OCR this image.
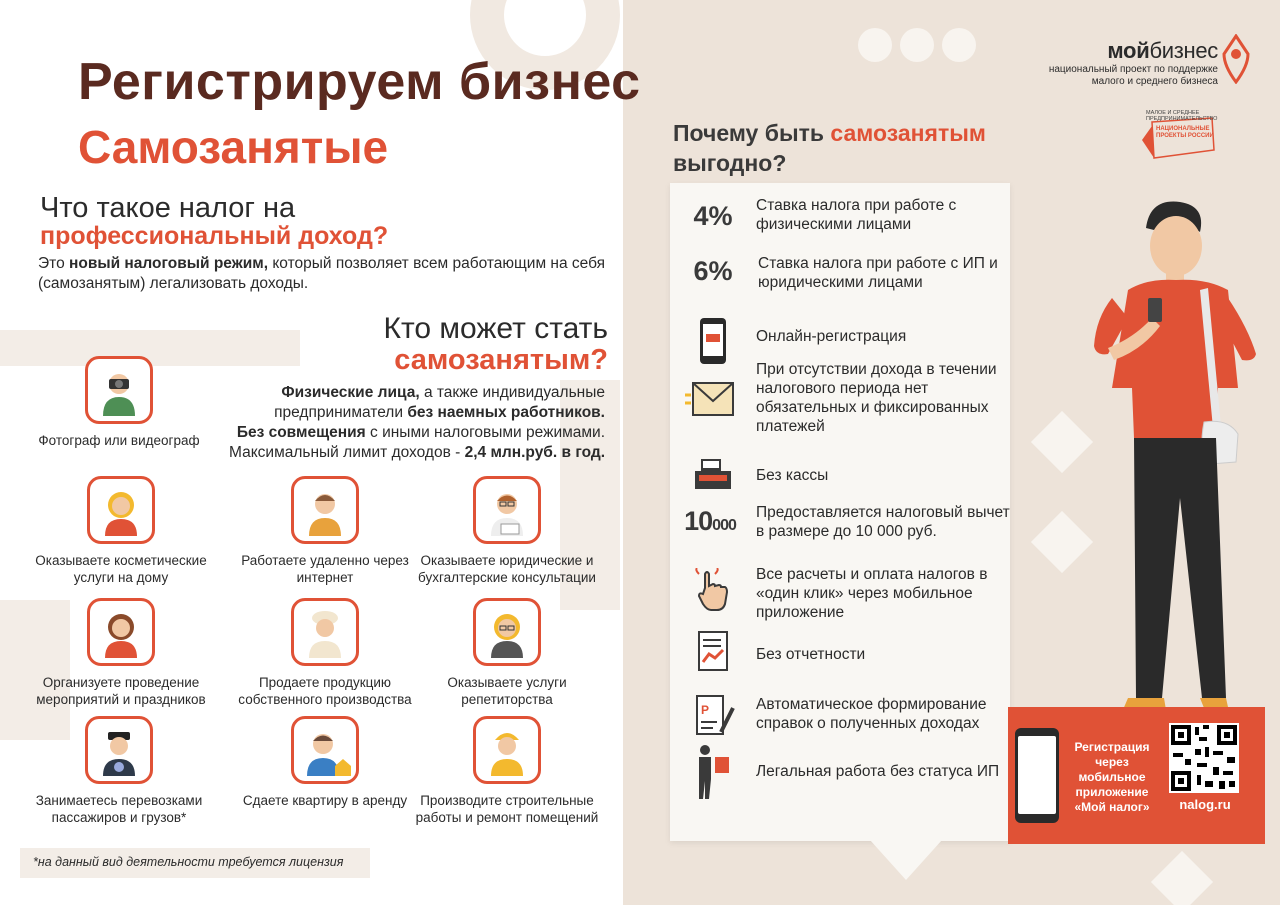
Регистрируем бизнес
Самозанятые
Что такое налог на
профессиональный доход?
Это новый налоговый режим, который позволяет всем работающим на себя (самозанятым) легализовать доходы.
Кто может стать
самозанятым?
Физические лица, а также индивидуальные предприниматели без наемных работников.
Без совмещения с иными налоговыми режимами.
Максимальный лимит доходов - 2,4 млн.руб. в год.
Фотограф или видеограф
Оказываете косметические услуги на дому
Работаете удаленно через интернет
Оказываете юридические и бухгалтерские консультации
Организуете проведение мероприятий и праздников
Продаете продукцию собственного производства
Оказываете услуги репетиторства
Занимаетесь перевозками пассажиров и грузов*
Сдаете квартиру в аренду Производите строительные работы и ремонт помещений
*на данный вид деятельности требуется лицензия
мойбизнес
национальный проект по поддержке
малого и среднего бизнеса
МАЛОЕ И СРЕДНЕЕ ПРЕДПРИНИМАТЕЛЬСТВО
НАЦИОНАЛЬНЫЕ ПРОЕКТЫ РОССИИ
Почему быть самозанятым
выгодно?
4% Ставка налога при работе с физическими лицами
6% Ставка налога при работе с ИП и юридическими лицами
Онлайн-регистрация
При отсутствии дохода в течении налогового периода нет обязательных и фиксированных платежей
Без кассы
10000
Предоставляется налоговый вычет в размере до 10 000 руб.
Все расчеты и оплата налогов в «один клик» через мобильное приложение
Без отчетности
P	Автоматическое формирование справок о полученных доходах
Легальная работа без статуса ИП
Регистрация через мобильное приложение «Мой налог»	nalog.ru
